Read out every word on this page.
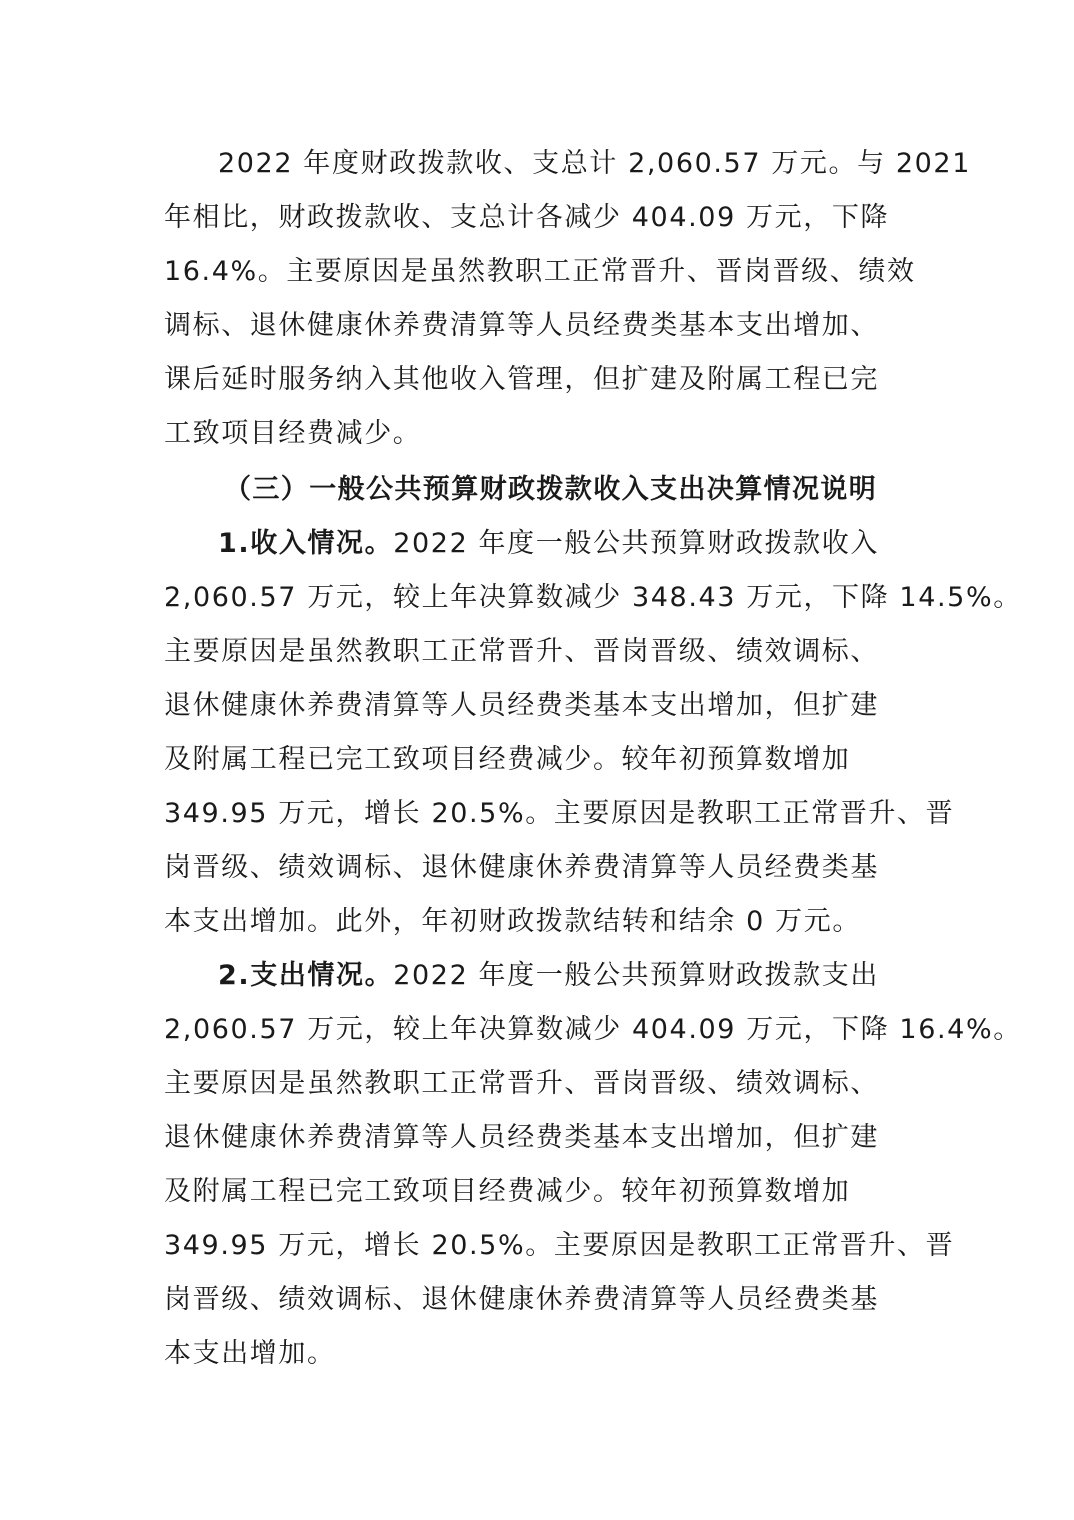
2022 年度财政拨款收、支总计 2,060.57 万元。与 2021

年相比，财政拨款收、支总计各减少 404.09 万元，下降

16.4%。主要原因是虽然教职工正常晋升、晋岗晋级、绩效

调标、退休健康休养费清算等人员经费类基本支出增加、

课后延时服务纳入其他收入管理，但扩建及附属工程已完

工致项目经费减少。

（三）一般公共预算财政拨款收入支出决算情况说明

1.收入情况。2022 年度一般公共预算财政拨款收入

2,060.57 万元，较上年决算数减少 348.43 万元，下降 14.5%。

主要原因是虽然教职工正常晋升、晋岗晋级、绩效调标、

退休健康休养费清算等人员经费类基本支出增加，但扩建

及附属工程已完工致项目经费减少。较年初预算数增加

349.95 万元，增长 20.5%。主要原因是教职工正常晋升、晋

岗晋级、绩效调标、退休健康休养费清算等人员经费类基

本支出增加。此外，年初财政拨款结转和结余 0 万元。

2.支出情况。2022 年度一般公共预算财政拨款支出

2,060.57 万元，较上年决算数减少 404.09 万元，下降 16.4%。

主要原因是虽然教职工正常晋升、晋岗晋级、绩效调标、

退休健康休养费清算等人员经费类基本支出增加，但扩建

及附属工程已完工致项目经费减少。较年初预算数增加

349.95 万元，增长 20.5%。主要原因是教职工正常晋升、晋

岗晋级、绩效调标、退休健康休养费清算等人员经费类基

本支出增加。
